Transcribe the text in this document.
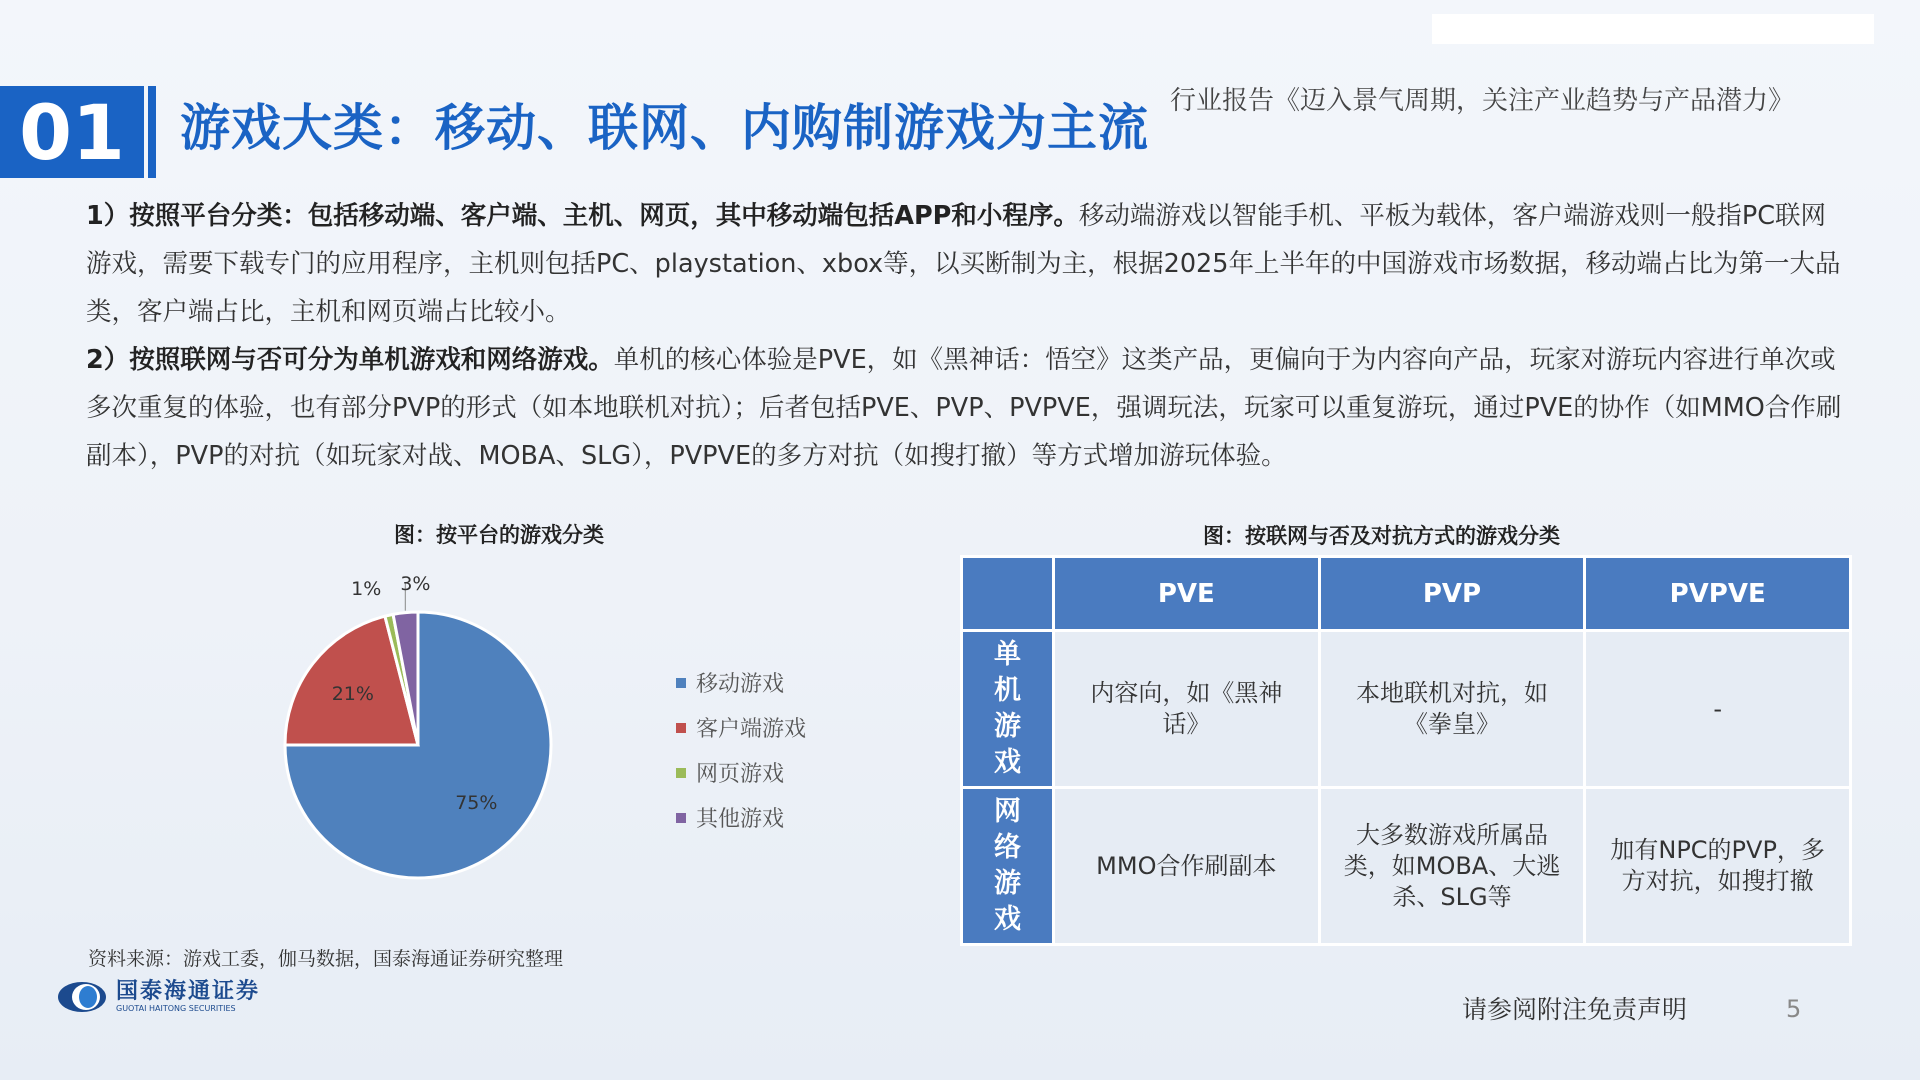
01	游戏大类：移动、联网、内购制游戏为主流 行业报告《迈入景气周期，关注产业趋势与产品潜力》
1）按照平台分类：包括移动端、客户端、主机、网页，其中移动端包括APP和小程序。移动端游戏以智能手机、平板为载体，客户端游戏则一般指PC联网游戏，需要下载专门的应用程序，主机则包括PC、playstation、xbox等，以买断制为主，根据2025年上半年的中国游戏市场数据，移动端占比为第一大品类，客户端占比，主机和网页端占比较小。
2）按照联网与否可分为单机游戏和网络游戏。单机的核心体验是PVE，如《黑神话：悟空》这类产品，更偏向于为内容向产品，玩家对游玩内容进行单次或多次重复的体验，也有部分PVP的形式（如本地联机对抗）；后者包括PVE、PVP、PVPVE，强调玩法，玩家可以重复游玩，通过PVE的协作（如MMO合作刷副本），PVP的对抗（如玩家对战、MOBA、SLG），PVPVE的多方对抗（如搜打撤）等方式增加游玩体验。
图：按平台的游戏分类
75%
21%
1% 3%
移动游戏
客户端游戏
网页游戏
其他游戏
图：按联网与否及对抗方式的游戏分类
	PVE	PVP	PVPVE
单机游戏	内容向，如《黑神话》	本地联机对抗，如《拳皇》	-
网络游戏	MMO合作刷副本	大多数游戏所属品类，如MOBA、大逃杀、SLG等	加有NPC的PVP，多方对抗，如搜打撤
资料来源：游戏工委，伽马数据，国泰海通证券研究整理
国泰海通证券
GUOTAI HAITONG SECURITIES	请参阅附注免责声明	5
